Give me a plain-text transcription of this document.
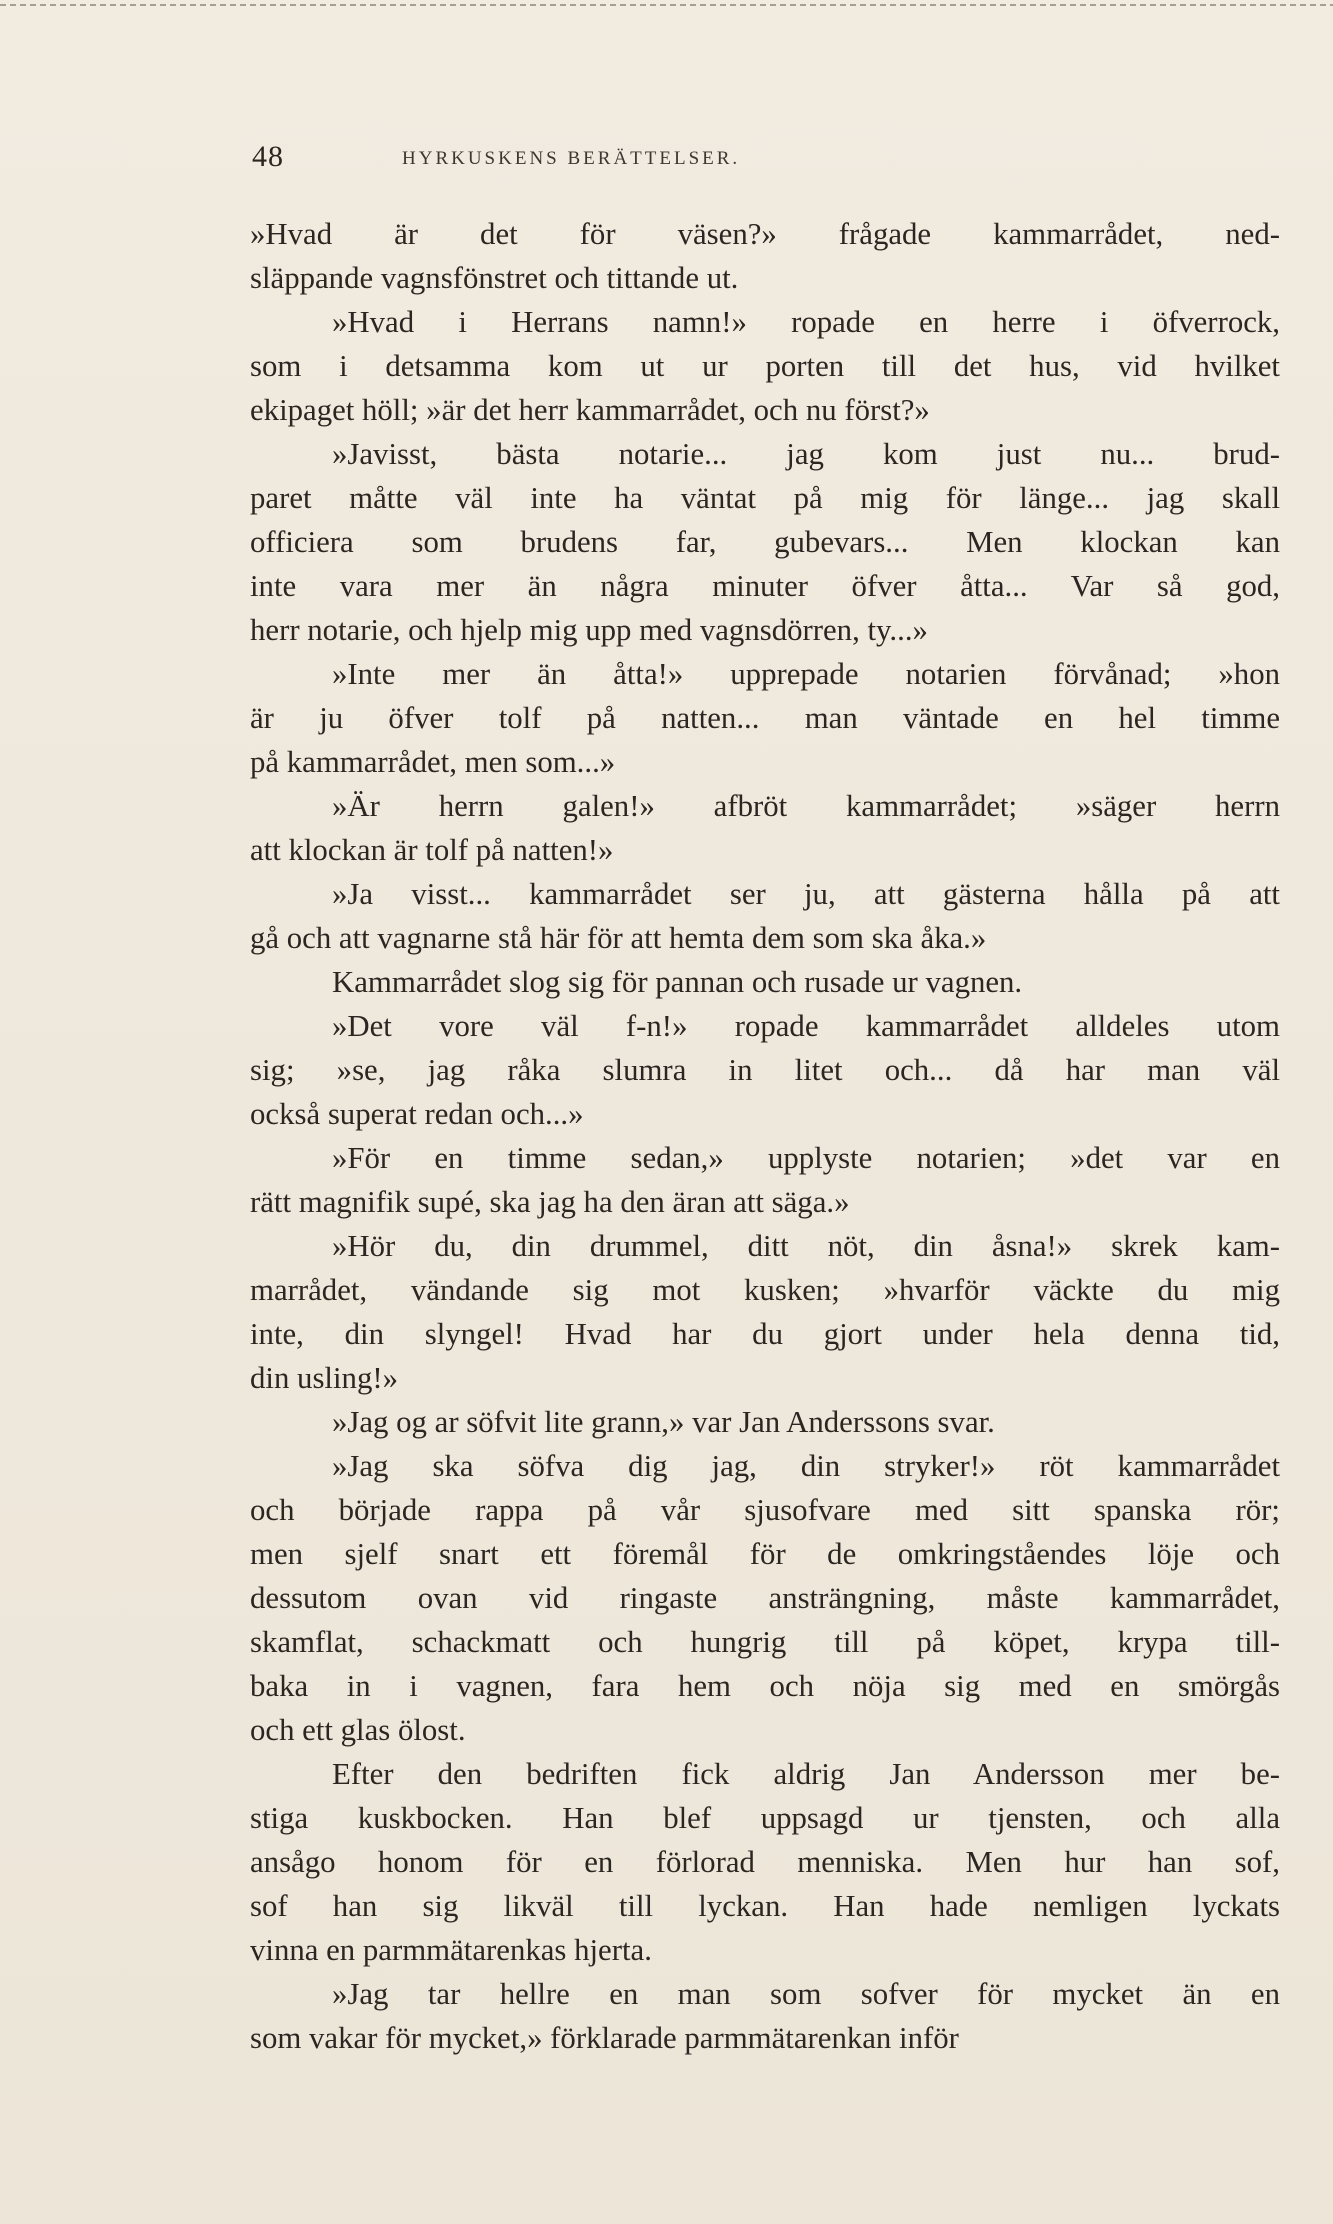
48	HYRKUSKENS BERÄTTELSER.
»Hvad är det för väsen?» frågade kammarrådet, ned-
släppande vagnsfönstret och tittande ut.
»Hvad i Herrans namn!» ropade en herre i öfverrock,
som i detsamma kom ut ur porten till det hus, vid hvilket
ekipaget höll; »är det herr kammarrådet, och nu först?»
»Javisst, bästa notarie... jag kom just nu... brud-
paret måtte väl inte ha väntat på mig för länge... jag skall
officiera som brudens far, gubevars... Men klockan kan
inte vara mer än några minuter öfver åtta... Var så god,
herr notarie, och hjelp mig upp med vagnsdörren, ty...»
»Inte mer än åtta!» upprepade notarien förvånad; »hon
är ju öfver tolf på natten... man väntade en hel timme
på kammarrådet, men som...»
»Är herrn galen!» afbröt kammarrådet; »säger herrn
att klockan är tolf på natten!»
»Ja visst... kammarrådet ser ju, att gästerna hålla på att
gå och att vagnarne stå här för att hemta dem som ska åka.»
Kammarrådet slog sig för pannan och rusade ur vagnen.
»Det vore väl f-n!» ropade kammarrådet alldeles utom
sig; »se, jag råka slumra in litet och... då har man väl
också superat redan och...»
»För en timme sedan,» upplyste notarien; »det var en
rätt magnifik supé, ska jag ha den äran att säga.»
»Hör du, din drummel, ditt nöt, din åsna!» skrek kam-
marrådet, vändande sig mot kusken; »hvarför väckte du mig
inte, din slyngel! Hvad har du gjort under hela denna tid,
din usling!»
»Jag og ar söfvit lite grann,» var Jan Anderssons svar.
»Jag ska söfva dig jag, din stryker!» röt kammarrådet
och började rappa på vår sjusofvare med sitt spanska rör;
men sjelf snart ett föremål för de omkringståendes löje och
dessutom ovan vid ringaste ansträngning, måste kammarrådet,
skamflat, schackmatt och hungrig till på köpet, krypa till-
baka in i vagnen, fara hem och nöja sig med en smörgås
och ett glas ölost.
Efter den bedriften fick aldrig Jan Andersson mer be-
stiga kuskbocken. Han blef uppsagd ur tjensten, och alla
ansågo honom för en förlorad menniska. Men hur han sof,
sof han sig likväl till lyckan. Han hade nemligen lyckats
vinna en parmmätarenkas hjerta.
»Jag tar hellre en man som sofver för mycket än en
som vakar för mycket,» förklarade parmmätarenkan inför
